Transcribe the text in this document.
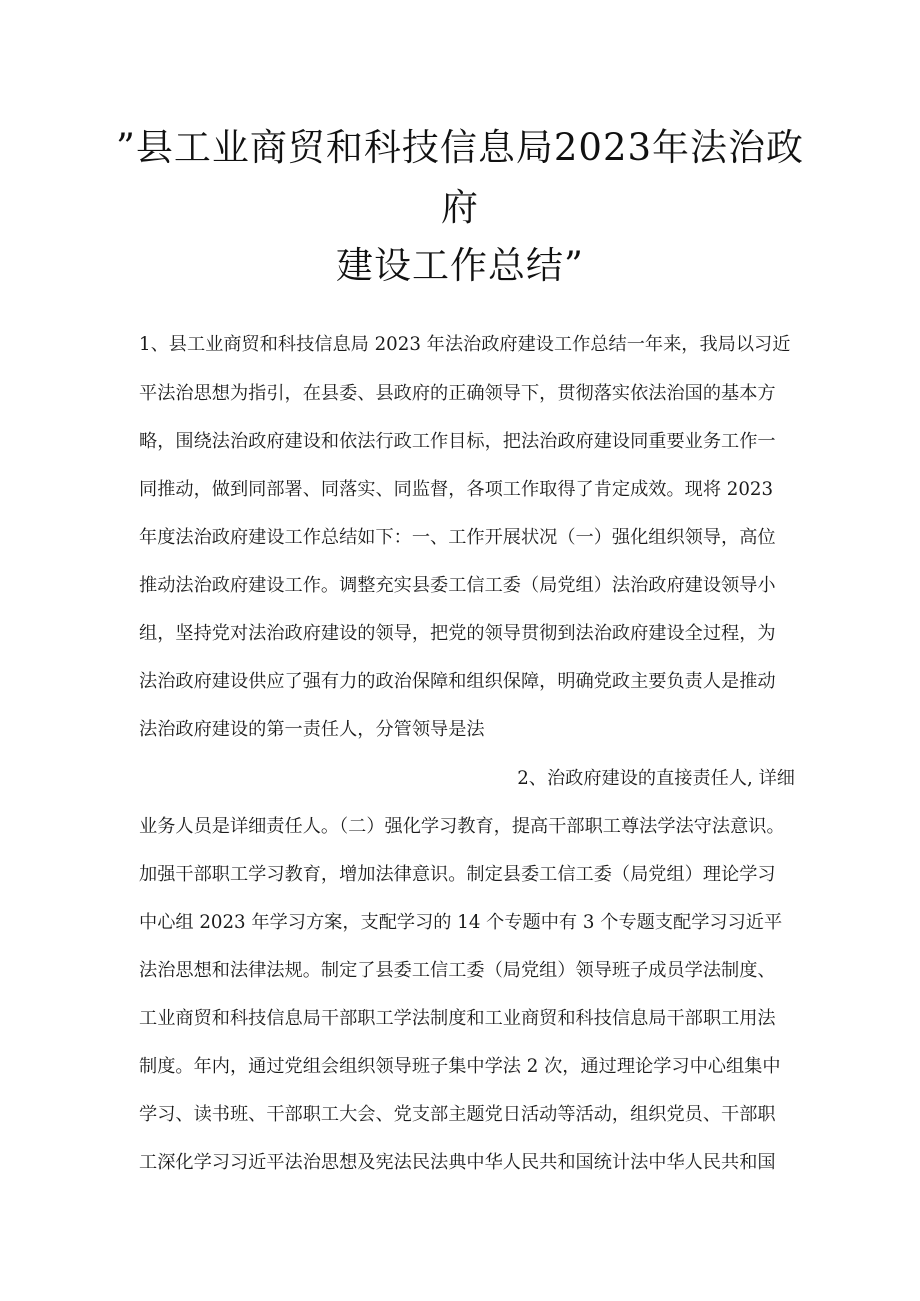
”县工业商贸和科技信息局2023年法治政
府
建设工作总结”
1、县工业商贸和科技信息局 2023 年法治政府建设工作总结一年来，我局以习近
平法治思想为指引，在县委、县政府的正确领导下，贯彻落实依法治国的基本方
略，围绕法治政府建设和依法行政工作目标，把法治政府建设同重要业务工作一
同推动，做到同部署、同落实、同监督，各项工作取得了肯定成效。现将 2023
年度法治政府建设工作总结如下：一、工作开展状况（一）强化组织领导，高位
推动法治政府建设工作。调整充实县委工信工委（局党组）法治政府建设领导小
组，坚持党对法治政府建设的领导，把党的领导贯彻到法治政府建设全过程，为
法治政府建设供应了强有力的政治保障和组织保障，明确党政主要负责人是推动
法治政府建设的第一责任人，分管领导是法
2、治政府建设的直接责任人, 详细
业务人员是详细责任人。（二）强化学习教育，提高干部职工尊法学法守法意识。
加强干部职工学习教育，增加法律意识。制定县委工信工委（局党组）理论学习
中心组 2023 年学习方案，支配学习的 14 个专题中有 3 个专题支配学习习近平
法治思想和法律法规。制定了县委工信工委（局党组）领导班子成员学法制度、
工业商贸和科技信息局干部职工学法制度和工业商贸和科技信息局干部职工用法
制度。年内，通过党组会组织领导班子集中学法 2 次，通过理论学习中心组集中
学习、读书班、干部职工大会、党支部主题党日活动等活动，组织党员、干部职
工深化学习习近平法治思想及宪法民法典中华人民共和国统计法中华人民共和国
